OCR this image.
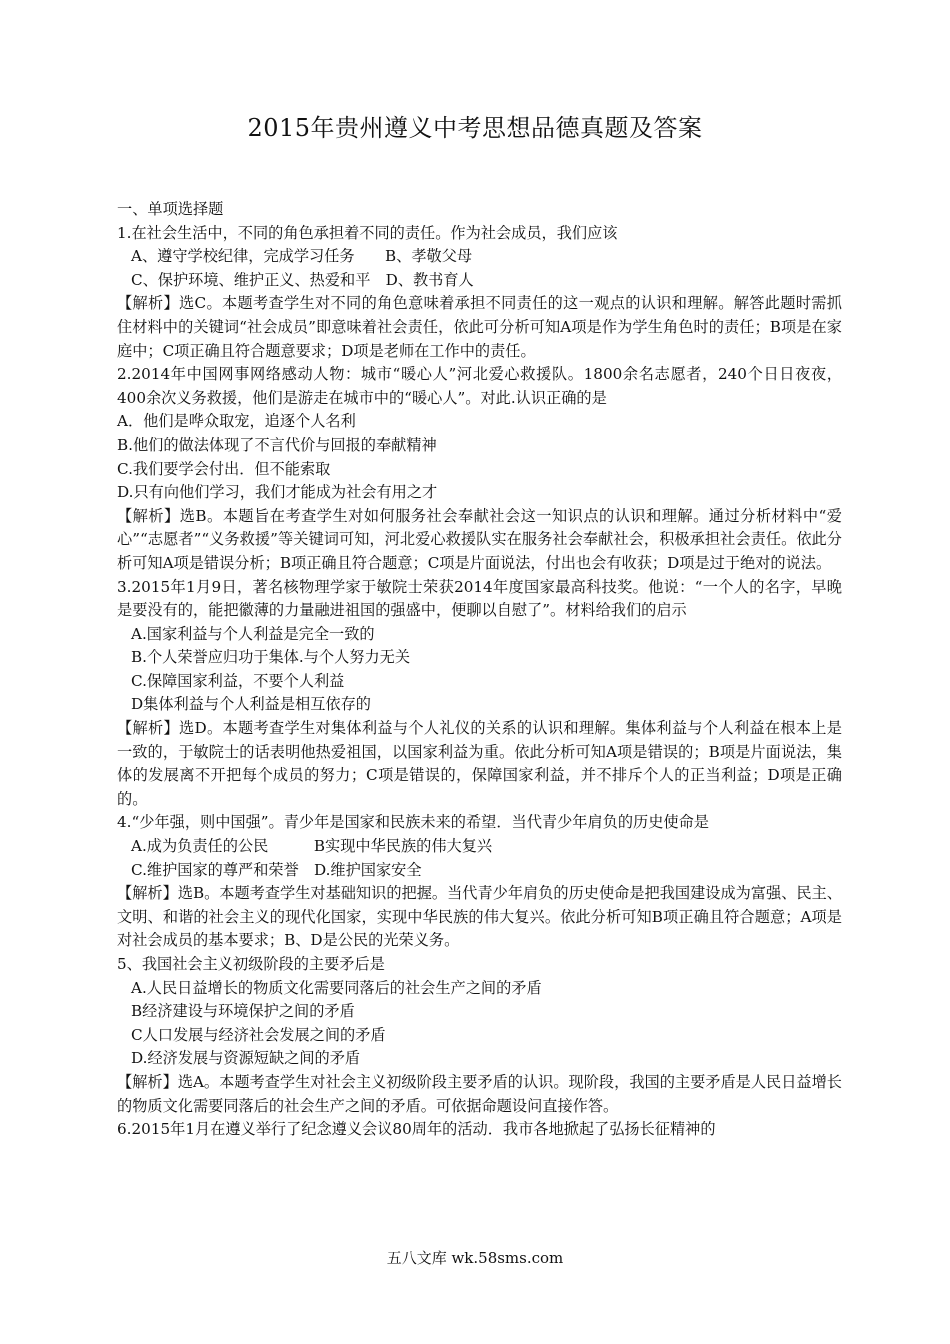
2015年贵州遵义中考思想品德真题及答案
一、单项选择题
1.在社会生活中，不同的角色承担着不同的责任。作为社会成员，我们应该
A、遵守学校纪律，完成学习任务　　B、孝敬父母
C、保护环境、维护正义、热爱和平　D、教书育人
【解析】选C。本题考查学生对不同的角色意味着承担不同责任的这一观点的认识和理解。解答此题时需抓住材料中的关键词“社会成员”即意味着社会责任，依此可分析可知A项是作为学生角色时的责任；B项是在家庭中；C项正确且符合题意要求；D项是老师在工作中的责任。
2.2014年中国网事网络感动人物：城市“暖心人”河北爱心救援队。1800余名志愿者，240个日日夜夜，400余次义务救援，他们是游走在城市中的“暖心人”。对此.认识正确的是
A．他们是哗众取宠，追逐个人名利
B.他们的做法体现了不言代价与回报的奉献精神
C.我们要学会付出．但不能索取
D.只有向他们学习，我们才能成为社会有用之才
【解析】选B。本题旨在考查学生对如何服务社会奉献社会这一知识点的认识和理解。通过分析材料中“爱心”“志愿者”“义务救援”等关键词可知，河北爱心救援队实在服务社会奉献社会，积极承担社会责任。依此分析可知A项是错误分析；B项正确且符合题意；C项是片面说法，付出也会有收获；D项是过于绝对的说法。
3.2015年1月9日，著名核物理学家于敏院士荣获2014年度国家最高科技奖。他说：“一个人的名字，早晚是要没有的，能把徽薄的力量融进祖国的强盛中，便聊以自慰了”。材料给我们的启示
A.国家利益与个人利益是完全一致的
B.个人荣誉应归功于集体.与个人努力无关
C.保障国家利益，不要个人利益
D集体利益与个人利益是相互依存的
【解析】选D。本题考查学生对集体利益与个人礼仪的关系的认识和理解。集体利益与个人利益在根本上是一致的，于敏院士的话表明他热爱祖国，以国家利益为重。依此分析可知A项是错误的；B项是片面说法，集体的发展离不开把每个成员的努力；C项是错误的，保障国家利益，并不排斥个人的正当利益；D项是正确的。
4.“少年强，则中国强”。青少年是国家和民族未来的希望．当代青少年肩负的历史使命是
A.成为负责任的公民　　　B实现中华民族的伟大复兴
C.维护国家的尊严和荣誉　D.维护国家安全
【解析】选B。本题考查学生对基础知识的把握。当代青少年肩负的历史使命是把我国建设成为富强、民主、文明、和谐的社会主义的现代化国家，实现中华民族的伟大复兴。依此分析可知B项正确且符合题意；A项是对社会成员的基本要求；B、D是公民的光荣义务。
5、我国社会主义初级阶段的主要矛后是
A.人民日益增长的物质文化需要同落后的社会生产之间的矛盾
B经济建设与环境保护之间的矛盾
C人口发展与经济社会发展之间的矛盾
D.经济发展与资源短缺之间的矛盾
【解析】选A。本题考查学生对社会主义初级阶段主要矛盾的认识。现阶段，我国的主要矛盾是人民日益增长的物质文化需要同落后的社会生产之间的矛盾。可依据命题设问直接作答。
6.2015年1月在遵义举行了纪念遵义会议80周年的活动．我市各地掀起了弘扬长征精神的
五八文库 wk.58sms.com
